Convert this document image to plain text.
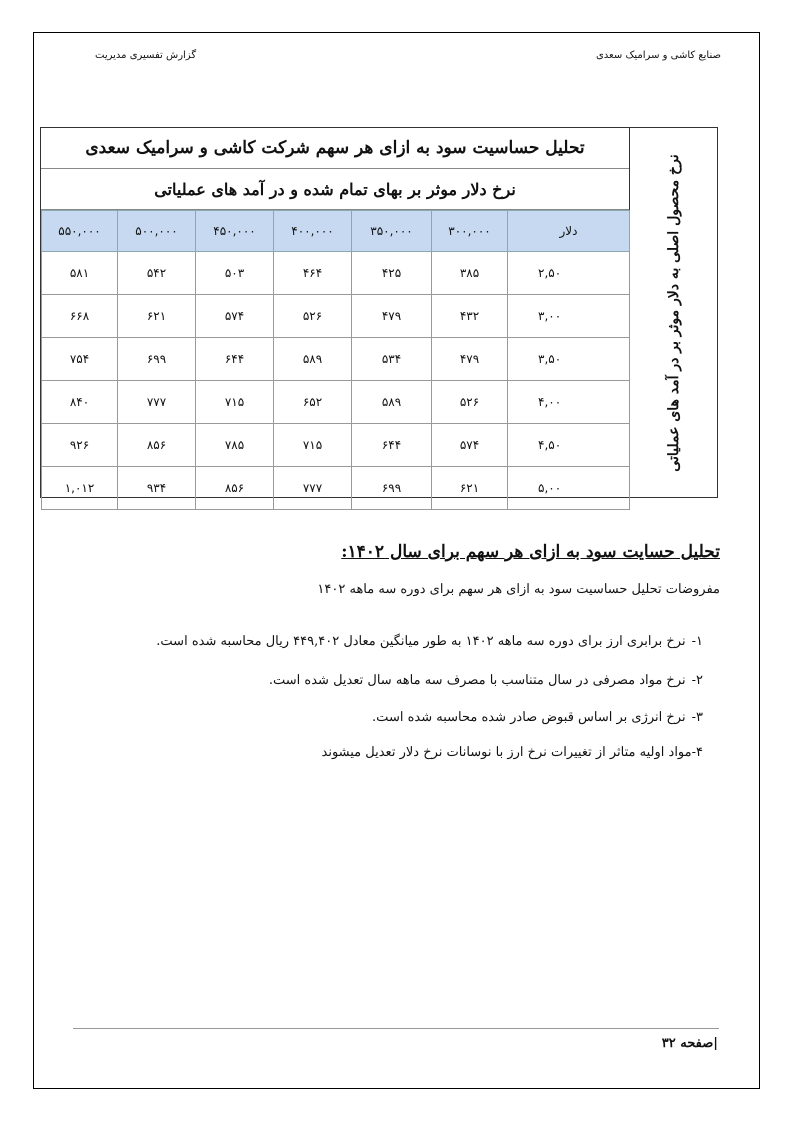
صنایع کاشی و سرامیک سعدی
گزارش تفسیری مدیریت
نرخ محصول اصلی به دلار موثر بر در آمد های عملیاتی
تحلیل حساسیت سود به ازای هر سهم شرکت کاشی و سرامیک سعدی
نرخ دلار موثر بر بهای تمام شده و در آمد های عملیاتی
دلار	۳۰۰,۰۰۰	۳۵۰,۰۰۰	۴۰۰,۰۰۰	۴۵۰,۰۰۰	۵۰۰,۰۰۰	۵۵۰,۰۰۰
۲,۵۰	۳۸۵	۴۲۵	۴۶۴	۵۰۳	۵۴۲	۵۸۱
۳,۰۰	۴۳۲	۴۷۹	۵۲۶	۵۷۴	۶۲۱	۶۶۸
۳,۵۰	۴۷۹	۵۳۴	۵۸۹	۶۴۴	۶۹۹	۷۵۴
۴,۰۰	۵۲۶	۵۸۹	۶۵۲	۷۱۵	۷۷۷	۸۴۰
۴,۵۰	۵۷۴	۶۴۴	۷۱۵	۷۸۵	۸۵۶	۹۲۶
۵,۰۰	۶۲۱	۶۹۹	۷۷۷	۸۵۶	۹۳۴	۱,۰۱۲
تحلیل حسایت سود به ازای هر سهم برای سال ۱۴۰۲:
مفروضات تحلیل حساسیت سود به ازای هر سهم برای دوره سه ماهه ۱۴۰۲
۱-نرخ برابری ارز برای دوره سه ماهه ۱۴۰۲ به طور میانگین معادل ۴۴۹,۴۰۲ ریال محاسبه شده است.
۲-نرخ مواد مصرفی در سال متناسب با مصرف سه ماهه سال تعدیل شده است.
۳-نرخ انرژی بر اساس قبوض صادر شده محاسبه شده است.
۴-مواد اولیه متاثر از تغییرات نرخ ارز با نوسانات نرخ دلار تعدیل میشوند
|صفحه ۳۲
